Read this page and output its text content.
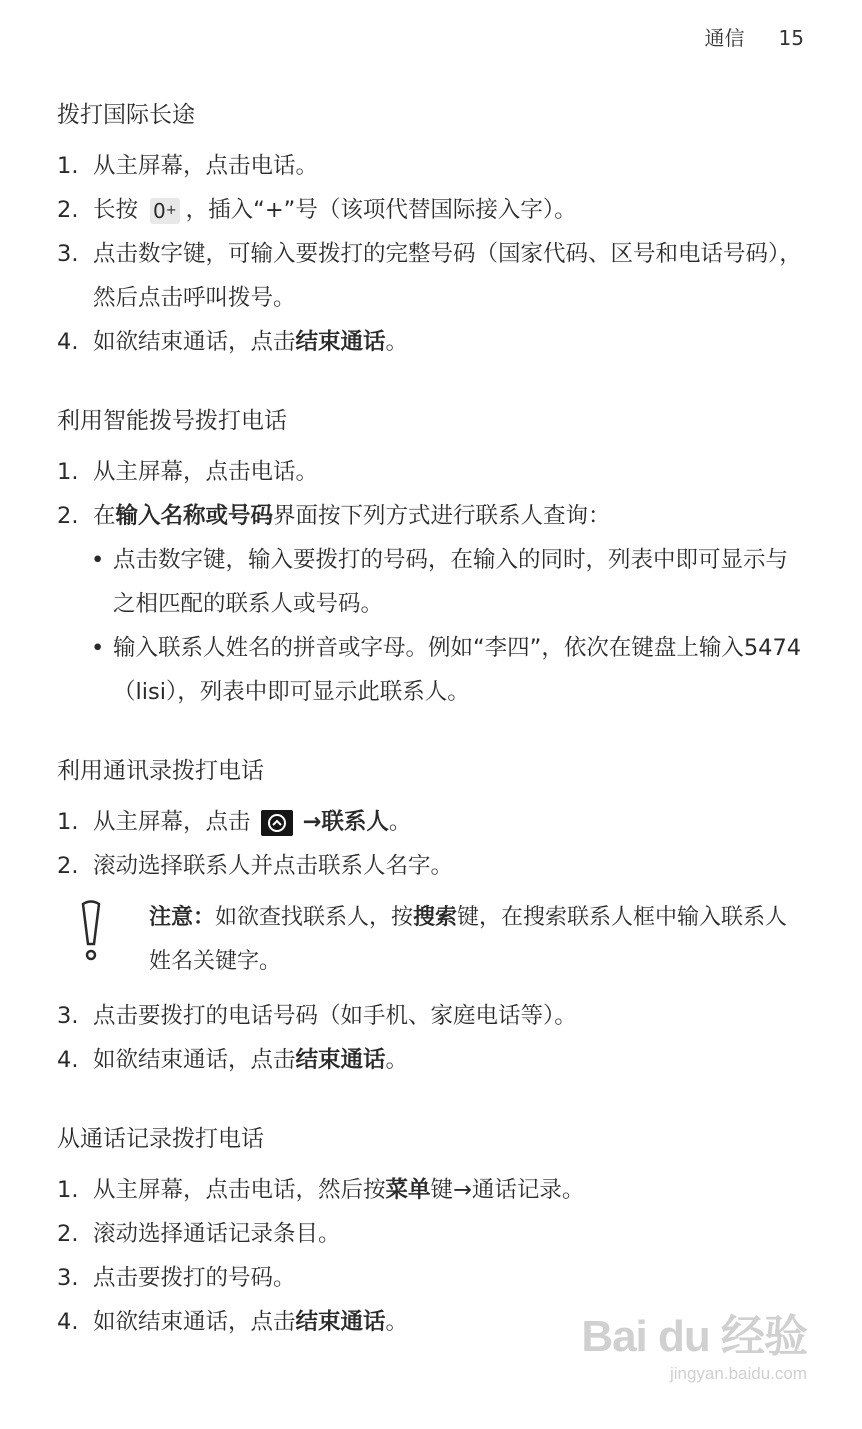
通信 15
拨打国际长途
1. 从主屏幕，点击电话。
2. 长按 0+ ，插入“+”号（该项代替国际接入字）。
3. 点击数字键，可输入要拨打的完整号码（国家代码、区号和电话号码），然后点击呼叫拨号。
4. 如欲结束通话，点击结束通话。
利用智能拨号拨打电话
1. 从主屏幕，点击电话。
2. 在输入名称或号码界面按下列方式进行联系人查询：
• 点击数字键，输入要拨打的号码，在输入的同时，列表中即可显示与之相匹配的联系人或号码。
• 输入联系人姓名的拼音或字母。例如“李四”，依次在键盘上输入5474（lisi），列表中即可显示此联系人。
利用通讯录拨打电话
1. 从主屏幕，点击 →联系人。
2. 滚动选择联系人并点击联系人名字。
注意：如欲查找联系人，按搜索键，在搜索联系人框中输入联系人姓名关键字。
3. 点击要拨打的电话号码（如手机、家庭电话等）。
4. 如欲结束通话，点击结束通话。
从通话记录拨打电话
1. 从主屏幕，点击电话，然后按菜单键→通话记录。
2. 滚动选择通话记录条目。
3. 点击要拨打的号码。
4. 如欲结束通话，点击结束通话。	Bai du 经验
jingyan.baidu.com
